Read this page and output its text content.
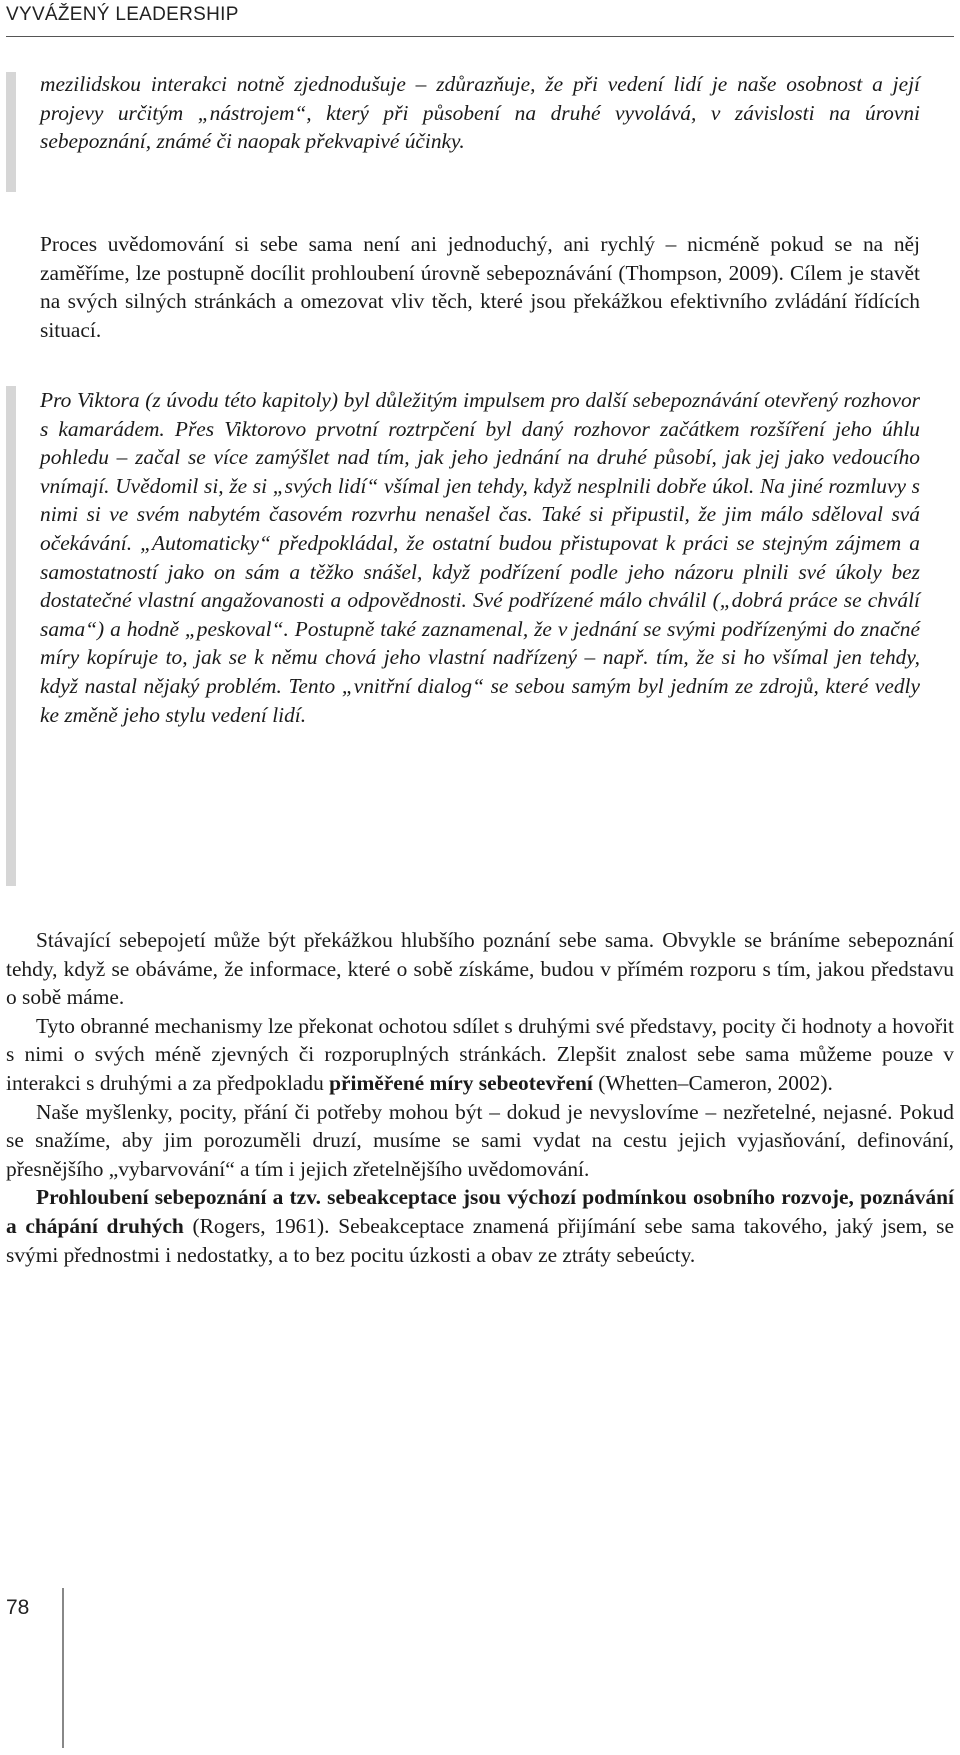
VYVÁŽENÝ LEADERSHIP

mezilidskou interakci notně zjednodušuje – zdůrazňuje, že při vedení lidí je naše osobnost a její projevy určitým „nástrojem“, který při působení na druhé vyvolává, v závislosti na úrovni sebepoznání, známé či naopak překvapivé účinky.

Proces uvědomování si sebe sama není ani jednoduchý, ani rychlý – nicméně pokud se na něj zaměříme, lze postupně docílit prohloubení úrovně sebepoznávání (Thompson, 2009). Cílem je stavět na svých silných stránkách a omezovat vliv těch, které jsou překážkou efektivního zvládání řídících situací.

Pro Viktora (z úvodu této kapitoly) byl důležitým impulsem pro další sebepoznávání otevřený rozhovor s kamarádem. Přes Viktorovo prvotní roztrpčení byl daný rozhovor začátkem rozšíření jeho úhlu pohledu – začal se více zamýšlet nad tím, jak jeho jednání na druhé působí, jak jej jako vedoucího vnímají. Uvědomil si, že si „svých lidí“ všímal jen tehdy, když nesplnili dobře úkol. Na jiné rozmluvy s nimi si ve svém nabytém časovém rozvrhu nenašel čas. Také si připustil, že jim málo sděloval svá očekávání. „Automaticky“ předpokládal, že ostatní budou přistupovat k práci se stejným zájmem a samostatností jako on sám a těžko snášel, když podřízení podle jeho názoru plnili své úkoly bez dostatečné vlastní angažovanosti a odpovědnosti. Své podřízené málo chválil („dobrá práce se chválí sama“) a hodně „peskoval“. Postupně také zaznamenal, že v jednání se svými podřízenými do značné míry kopíruje to, jak se k němu chová jeho vlastní nadřízený – např. tím, že si ho všímal jen tehdy, když nastal nějaký problém. Tento „vnitřní dialog“ se sebou samým byl jedním ze zdrojů, které vedly ke změně jeho stylu vedení lidí.

Stávající sebepojetí může být překážkou hlubšího poznání sebe sama. Obvykle se bráníme sebepoznání tehdy, když se obáváme, že informace, které o sobě získáme, budou v přímém rozporu s tím, jakou představu o sobě máme.

Tyto obranné mechanismy lze překonat ochotou sdílet s druhými své představy, pocity či hodnoty a hovořit s nimi o svých méně zjevných či rozporuplných stránkách. Zlepšit znalost sebe sama můžeme pouze v interakci s druhými a za předpokladu přiměřené míry sebeotevření (Whetten–Cameron, 2002).

Naše myšlenky, pocity, přání či potřeby mohou být – dokud je nevyslovíme – nezřetelné, nejasné. Pokud se snažíme, aby jim porozuměli druzí, musíme se sami vydat na cestu jejich vyjasňování, definování, přesnějšího „vybarvování“ a tím i jejich zřetelnějšího uvědomování.

Prohloubení sebepoznání a tzv. sebeakceptace jsou výchozí podmínkou osobního rozvoje, poznávání a chápání druhých (Rogers, 1961). Sebeakceptace znamená přijímání sebe sama takového, jaký jsem, se svými přednostmi i nedostatky, a to bez pocitu úzkosti a obav ze ztráty sebeúcty.

78
